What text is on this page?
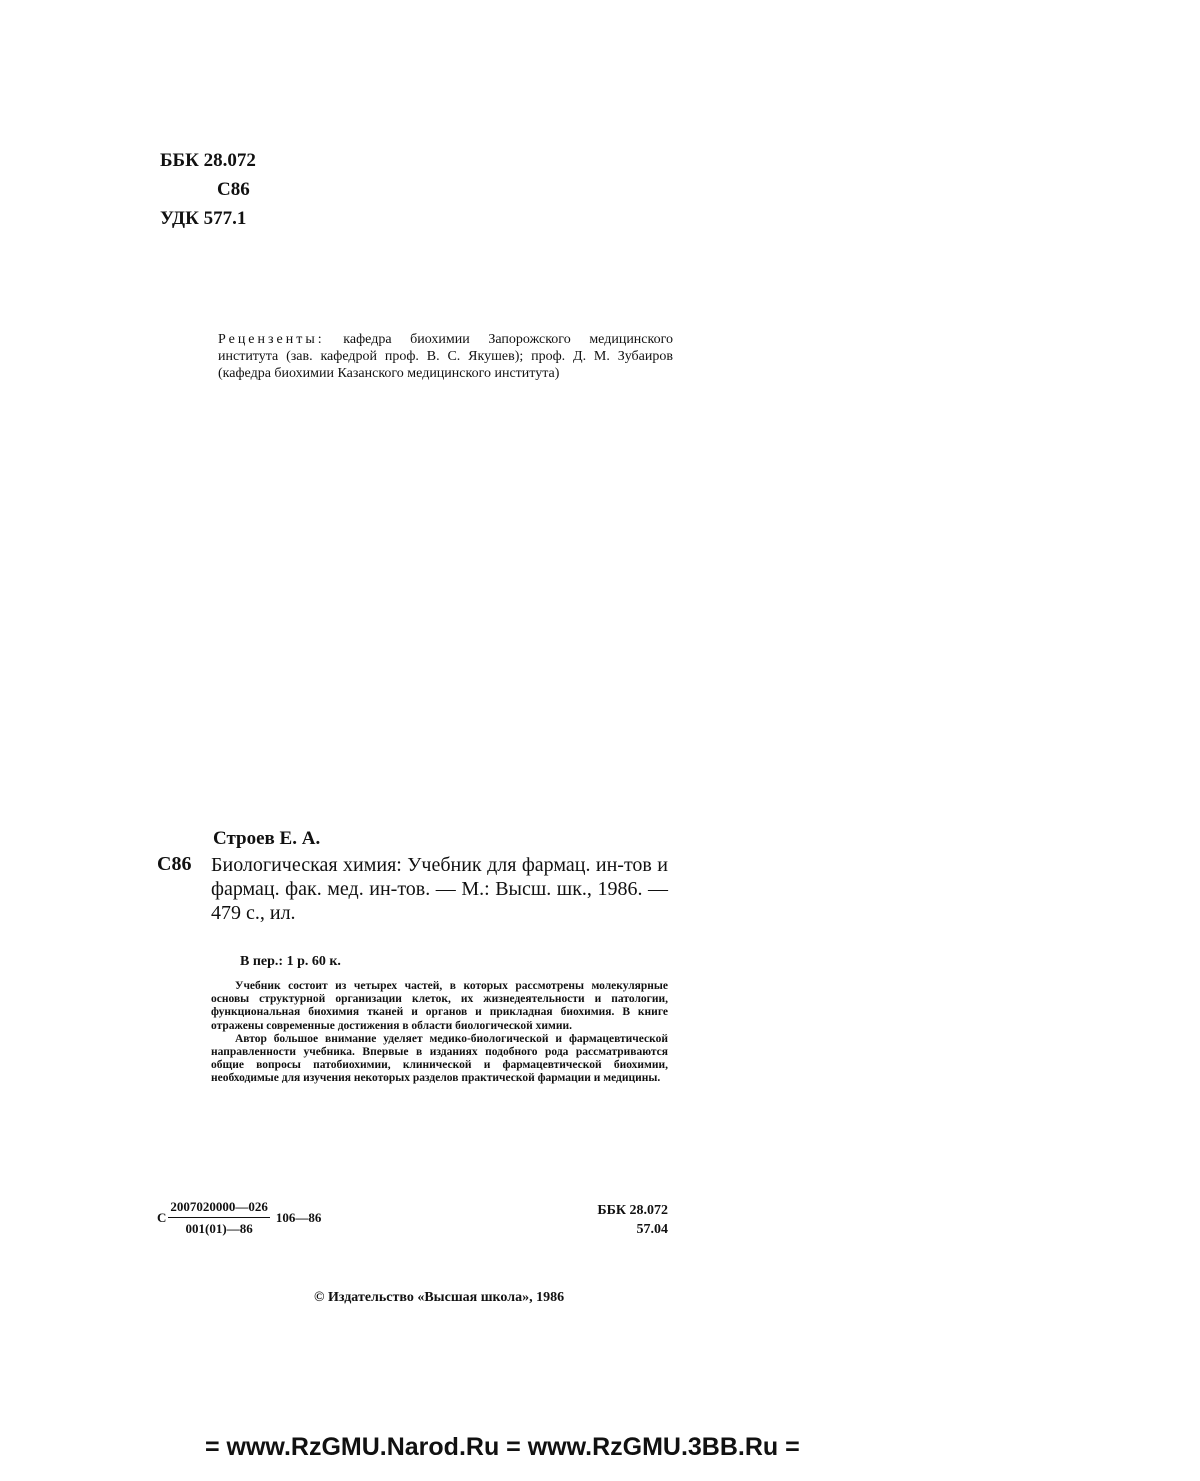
ББК 28.072
С86
УДК 577.1
Рецензенты: кафедра биохимии Запорожского медицинского института (зав. кафедрой проф. В. С. Якушев); проф. Д. М. Зубаиров (кафедра биохимии Казанского медицинского института)
Строев Е. А.
С86 Биологическая химия: Учебник для фармац. ин-тов и фармац. фак. мед. ин-тов. — М.: Высш. шк., 1986. — 479 с., ил.
В пер.: 1 р. 60 к.

Учебник состоит из четырех частей, в которых рассмотрены молекулярные основы структурной организации клеток, их жизнедеятельности и патологии, функциональная биохимия тканей и органов и прикладная биохимия. В книге отражены современные достижения в области биологической химии.

Автор большое внимание уделяет медико-биологической и фармацевтической направленности учебника. Впервые в изданиях подобного рода рассматриваются общие вопросы патобиохимии, клинической и фармацевтической биохимии, необходимые для изучения некоторых разделов практической фармации и медицины.

С $\frac{2007020000—026}{001(01)—86}$ 106—86	ББК 28.072
57.04
© Издательство «Высшая школа», 1986
= www.RzGMU.Narod.Ru = www.RzGMU.3BB.Ru =
